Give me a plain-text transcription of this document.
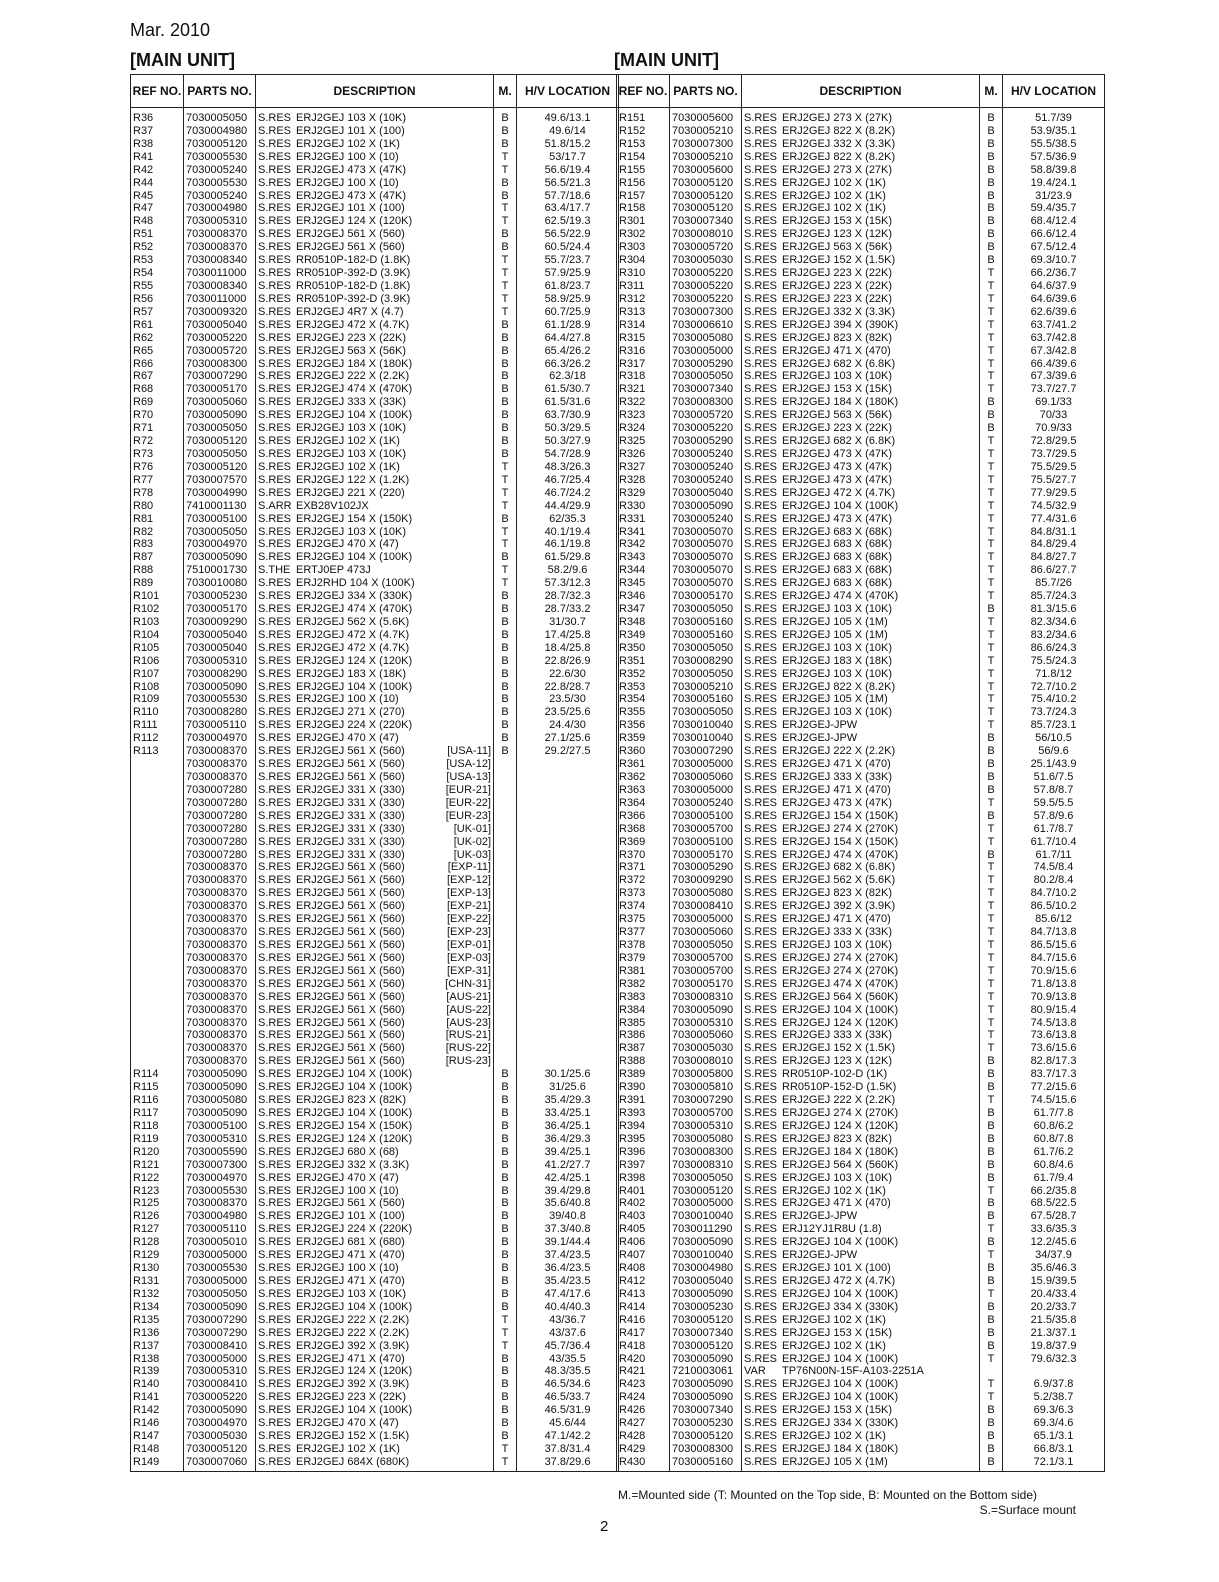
Mar. 2010
[MAIN UNIT]	[MAIN UNIT]
REF NO.	PARTS NO.	DESCRIPTION	M.	H/V LOCATION
R36	7030005050	S.RES ERJ2GEJ 103 X (10K)	B	49.6/13.1
R37	7030004980	S.RES ERJ2GEJ 101 X (100)	B	49.6/14
R38	7030005120	S.RES ERJ2GEJ 102 X (1K)	B	51.8/15.2
R41	7030005530	S.RES ERJ2GEJ 100 X (10)	T	53/17.7
R42	7030005240	S.RES ERJ2GEJ 473 X (47K)	T	56.6/19.4
R44	7030005530	S.RES ERJ2GEJ 100 X (10)	B	56.5/21.3
R45	7030005240	S.RES ERJ2GEJ 473 X (47K)	B	57.7/18.6
R47	7030004980	S.RES ERJ2GEJ 101 X (100)	T	63.4/17.7
R48	7030005310	S.RES ERJ2GEJ 124 X (120K)	T	62.5/19.3
R51	7030008370	S.RES ERJ2GEJ 561 X (560)	B	56.5/22.9
R52	7030008370	S.RES ERJ2GEJ 561 X (560)	B	60.5/24.4
R53	7030008340	S.RES RR0510P-182-D (1.8K)	T	55.7/23.7
R54	7030011000	S.RES RR0510P-392-D (3.9K)	T	57.9/25.9
R55	7030008340	S.RES RR0510P-182-D (1.8K)	T	61.8/23.7
R56	7030011000	S.RES RR0510P-392-D (3.9K)	T	58.9/25.9
R57	7030009320	S.RES ERJ2GEJ 4R7 X (4.7)	T	60.7/25.9
R61	7030005040	S.RES ERJ2GEJ 472 X (4.7K)	B	61.1/28.9
R62	7030005220	S.RES ERJ2GEJ 223 X (22K)	B	64.4/27.8
R65	7030005720	S.RES ERJ2GEJ 563 X (56K)	B	65.4/26.2
R66	7030008300	S.RES ERJ2GEJ 184 X (180K)	B	66.3/26.2
R67	7030007290	S.RES ERJ2GEJ 222 X (2.2K)	B	62.3/18
R68	7030005170	S.RES ERJ2GEJ 474 X (470K)	B	61.5/30.7
R69	7030005060	S.RES ERJ2GEJ 333 X (33K)	B	61.5/31.6
R70	7030005090	S.RES ERJ2GEJ 104 X (100K)	B	63.7/30.9
R71	7030005050	S.RES ERJ2GEJ 103 X (10K)	B	50.3/29.5
R72	7030005120	S.RES ERJ2GEJ 102 X (1K)	B	50.3/27.9
R73	7030005050	S.RES ERJ2GEJ 103 X (10K)	B	54.7/28.9
R76	7030005120	S.RES ERJ2GEJ 102 X (1K)	T	48.3/26.3
R77	7030007570	S.RES ERJ2GEJ 122 X (1.2K)	T	46.7/25.4
R78	7030004990	S.RES ERJ2GEJ 221 X (220)	T	46.7/24.2
R80	7410001130	S.ARR EXB28V102JX	T	44.4/29.9
R81	7030005100	S.RES ERJ2GEJ 154 X (150K)	B	62/35.3
R82	7030005050	S.RES ERJ2GEJ 103 X (10K)	T	40.1/19.4
R83	7030004970	S.RES ERJ2GEJ 470 X (47)	T	46.1/19.8
R87	7030005090	S.RES ERJ2GEJ 104 X (100K)	B	61.5/29.8
R88	7510001730	S.THE ERTJ0EP 473J	T	58.2/9.6
R89	7030010080	S.RES ERJ2RHD 104 X (100K)	T	57.3/12.3
R101	7030005230	S.RES ERJ2GEJ 334 X (330K)	B	28.7/32.3
R102	7030005170	S.RES ERJ2GEJ 474 X (470K)	B	28.7/33.2
R103	7030009290	S.RES ERJ2GEJ 562 X (5.6K)	B	31/30.7
R104	7030005040	S.RES ERJ2GEJ 472 X (4.7K)	B	17.4/25.8
R105	7030005040	S.RES ERJ2GEJ 472 X (4.7K)	B	18.4/25.8
R106	7030005310	S.RES ERJ2GEJ 124 X (120K)	B	22.8/26.9
R107	7030008290	S.RES ERJ2GEJ 183 X (18K)	B	22.6/30
R108	7030005090	S.RES ERJ2GEJ 104 X (100K)	B	22.8/28.7
R109	7030005530	S.RES ERJ2GEJ 100 X (10)	B	23.5/30
R110	7030008280	S.RES ERJ2GEJ 271 X (270)	B	23.5/25.6
R111	7030005110	S.RES ERJ2GEJ 224 X (220K)	B	24.4/30
R112	7030004970	S.RES ERJ2GEJ 470 X (47)	B	27.1/25.6
R113	7030008370	S.RES ERJ2GEJ 561 X (560) [USA-11]	B	29.2/27.5
	7030008370	S.RES ERJ2GEJ 561 X (560) [USA-12]		

	7030008370	S.RES ERJ2GEJ 561 X (560) [USA-13]		

	7030007280	S.RES ERJ2GEJ 331 X (330) [EUR-21]		

	7030007280	S.RES ERJ2GEJ 331 X (330) [EUR-22]		

	7030007280	S.RES ERJ2GEJ 331 X (330) [EUR-23]		

	7030007280	S.RES ERJ2GEJ 331 X (330) [UK-01]		

	7030007280	S.RES ERJ2GEJ 331 X (330) [UK-02]		

	7030007280	S.RES ERJ2GEJ 331 X (330) [UK-03]		

	7030008370	S.RES ERJ2GEJ 561 X (560) [EXP-11]		

	7030008370	S.RES ERJ2GEJ 561 X (560) [EXP-12]		

	7030008370	S.RES ERJ2GEJ 561 X (560) [EXP-13]		

	7030008370	S.RES ERJ2GEJ 561 X (560) [EXP-21]		

	7030008370	S.RES ERJ2GEJ 561 X (560) [EXP-22]		

	7030008370	S.RES ERJ2GEJ 561 X (560) [EXP-23]		

	7030008370	S.RES ERJ2GEJ 561 X (560) [EXP-01]		

	7030008370	S.RES ERJ2GEJ 561 X (560) [EXP-03]		

	7030008370	S.RES ERJ2GEJ 561 X (560) [EXP-31]		

	7030008370	S.RES ERJ2GEJ 561 X (560) [CHN-31]		

	7030008370	S.RES ERJ2GEJ 561 X (560) [AUS-21]		

	7030008370	S.RES ERJ2GEJ 561 X (560) [AUS-22]		

	7030008370	S.RES ERJ2GEJ 561 X (560) [AUS-23]		

	7030008370	S.RES ERJ2GEJ 561 X (560) [RUS-21]		

	7030008370	S.RES ERJ2GEJ 561 X (560) [RUS-22]		

	7030008370	S.RES ERJ2GEJ 561 X (560) [RUS-23]		

R114	7030005090	S.RES ERJ2GEJ 104 X (100K)	B	30.1/25.6
R115	7030005090	S.RES ERJ2GEJ 104 X (100K)	B	31/25.6
R116	7030005080	S.RES ERJ2GEJ 823 X (82K)	B	35.4/29.3
R117	7030005090	S.RES ERJ2GEJ 104 X (100K)	B	33.4/25.1
R118	7030005100	S.RES ERJ2GEJ 154 X (150K)	B	36.4/25.1
R119	7030005310	S.RES ERJ2GEJ 124 X (120K)	B	36.4/29.3
R120	7030005590	S.RES ERJ2GEJ 680 X (68)	B	39.4/25.1
R121	7030007300	S.RES ERJ2GEJ 332 X (3.3K)	B	41.2/27.7
R122	7030004970	S.RES ERJ2GEJ 470 X (47)	B	42.4/25.1
R123	7030005530	S.RES ERJ2GEJ 100 X (10)	B	39.4/29.8
R125	7030008370	S.RES ERJ2GEJ 561 X (560)	B	35.6/40.8
R126	7030004980	S.RES ERJ2GEJ 101 X (100)	B	39/40.8
R127	7030005110	S.RES ERJ2GEJ 224 X (220K)	B	37.3/40.8
R128	7030005010	S.RES ERJ2GEJ 681 X (680)	B	39.1/44.4
R129	7030005000	S.RES ERJ2GEJ 471 X (470)	B	37.4/23.5
R130	7030005530	S.RES ERJ2GEJ 100 X (10)	B	36.4/23.5
R131	7030005000	S.RES ERJ2GEJ 471 X (470)	B	35.4/23.5
R132	7030005050	S.RES ERJ2GEJ 103 X (10K)	B	47.4/17.6
R134	7030005090	S.RES ERJ2GEJ 104 X (100K)	B	40.4/40.3
R135	7030007290	S.RES ERJ2GEJ 222 X (2.2K)	T	43/36.7
R136	7030007290	S.RES ERJ2GEJ 222 X (2.2K)	T	43/37.6
R137	7030008410	S.RES ERJ2GEJ 392 X (3.9K)	T	45.7/36.4
R138	7030005000	S.RES ERJ2GEJ 471 X (470)	B	43/35.5
R139	7030005310	S.RES ERJ2GEJ 124 X (120K)	B	48.3/35.5
R140	7030008410	S.RES ERJ2GEJ 392 X (3.9K)	B	46.5/34.6
R141	7030005220	S.RES ERJ2GEJ 223 X (22K)	B	46.5/33.7
R142	7030005090	S.RES ERJ2GEJ 104 X (100K)	B	46.5/31.9
R146	7030004970	S.RES ERJ2GEJ 470 X (47)	B	45.6/44
R147	7030005030	S.RES ERJ2GEJ 152 X (1.5K)	B	47.1/42.2
R148	7030005120	S.RES ERJ2GEJ 102 X (1K)	T	37.8/31.4
R149	7030007060	S.RES ERJ2GEJ 684X (680K)	T	37.8/29.6
REF NO.	PARTS NO.	DESCRIPTION	M.	H/V LOCATION
R151	7030005600	S.RES ERJ2GEJ 273 X (27K)	B	51.7/39
R152	7030005210	S.RES ERJ2GEJ 822 X (8.2K)	B	53.9/35.1
R153	7030007300	S.RES ERJ2GEJ 332 X (3.3K)	B	55.5/38.5
R154	7030005210	S.RES ERJ2GEJ 822 X (8.2K)	B	57.5/36.9
R155	7030005600	S.RES ERJ2GEJ 273 X (27K)	B	58.8/39.8
R156	7030005120	S.RES ERJ2GEJ 102 X (1K)	B	19.4/24.1
R157	7030005120	S.RES ERJ2GEJ 102 X (1K)	B	31/23.9
R158	7030005120	S.RES ERJ2GEJ 102 X (1K)	B	59.4/35.7
R301	7030007340	S.RES ERJ2GEJ 153 X (15K)	B	68.4/12.4
R302	7030008010	S.RES ERJ2GEJ 123 X (12K)	B	66.6/12.4
R303	7030005720	S.RES ERJ2GEJ 563 X (56K)	B	67.5/12.4
R304	7030005030	S.RES ERJ2GEJ 152 X (1.5K)	B	69.3/10.7
R310	7030005220	S.RES ERJ2GEJ 223 X (22K)	T	66.2/36.7
R311	7030005220	S.RES ERJ2GEJ 223 X (22K)	T	64.6/37.9
R312	7030005220	S.RES ERJ2GEJ 223 X (22K)	T	64.6/39.6
R313	7030007300	S.RES ERJ2GEJ 332 X (3.3K)	T	62.6/39.6
R314	7030006610	S.RES ERJ2GEJ 394 X (390K)	T	63.7/41.2
R315	7030005080	S.RES ERJ2GEJ 823 X (82K)	T	63.7/42.8
R316	7030005000	S.RES ERJ2GEJ 471 X (470)	T	67.3/42.8
R317	7030005290	S.RES ERJ2GEJ 682 X (6.8K)	T	66.4/39.6
R318	7030005050	S.RES ERJ2GEJ 103 X (10K)	T	67.3/39.6
R321	7030007340	S.RES ERJ2GEJ 153 X (15K)	T	73.7/27.7
R322	7030008300	S.RES ERJ2GEJ 184 X (180K)	B	69.1/33
R323	7030005720	S.RES ERJ2GEJ 563 X (56K)	B	70/33
R324	7030005220	S.RES ERJ2GEJ 223 X (22K)	B	70.9/33
R325	7030005290	S.RES ERJ2GEJ 682 X (6.8K)	T	72.8/29.5
R326	7030005240	S.RES ERJ2GEJ 473 X (47K)	T	73.7/29.5
R327	7030005240	S.RES ERJ2GEJ 473 X (47K)	T	75.5/29.5
R328	7030005240	S.RES ERJ2GEJ 473 X (47K)	T	75.5/27.7
R329	7030005040	S.RES ERJ2GEJ 472 X (4.7K)	T	77.9/29.5
R330	7030005090	S.RES ERJ2GEJ 104 X (100K)	T	74.5/32.9
R331	7030005240	S.RES ERJ2GEJ 473 X (47K)	T	77.4/31.6
R341	7030005070	S.RES ERJ2GEJ 683 X (68K)	T	84.8/31.1
R342	7030005070	S.RES ERJ2GEJ 683 X (68K)	T	84.8/29.4
R343	7030005070	S.RES ERJ2GEJ 683 X (68K)	T	84.8/27.7
R344	7030005070	S.RES ERJ2GEJ 683 X (68K)	T	86.6/27.7
R345	7030005070	S.RES ERJ2GEJ 683 X (68K)	T	85.7/26
R346	7030005170	S.RES ERJ2GEJ 474 X (470K)	T	85.7/24.3
R347	7030005050	S.RES ERJ2GEJ 103 X (10K)	B	81.3/15.6
R348	7030005160	S.RES ERJ2GEJ 105 X (1M)	T	82.3/34.6
R349	7030005160	S.RES ERJ2GEJ 105 X (1M)	T	83.2/34.6
R350	7030005050	S.RES ERJ2GEJ 103 X (10K)	T	86.6/24.3
R351	7030008290	S.RES ERJ2GEJ 183 X (18K)	T	75.5/24.3
R352	7030005050	S.RES ERJ2GEJ 103 X (10K)	T	71.8/12
R353	7030005210	S.RES ERJ2GEJ 822 X (8.2K)	T	72.7/10.2
R354	7030005160	S.RES ERJ2GEJ 105 X (1M)	T	75.4/10.2
R355	7030005050	S.RES ERJ2GEJ 103 X (10K)	T	73.7/24.3
R356	7030010040	S.RES ERJ2GEJ-JPW	T	85.7/23.1
R359	7030010040	S.RES ERJ2GEJ-JPW	B	56/10.5
R360	7030007290	S.RES ERJ2GEJ 222 X (2.2K)	B	56/9.6
R361	7030005000	S.RES ERJ2GEJ 471 X (470)	B	25.1/43.9
R362	7030005060	S.RES ERJ2GEJ 333 X (33K)	B	51.6/7.5
R363	7030005000	S.RES ERJ2GEJ 471 X (470)	B	57.8/8.7
R364	7030005240	S.RES ERJ2GEJ 473 X (47K)	T	59.5/5.5
R366	7030005100	S.RES ERJ2GEJ 154 X (150K)	B	57.8/9.6
R368	7030005700	S.RES ERJ2GEJ 274 X (270K)	T	61.7/8.7
R369	7030005100	S.RES ERJ2GEJ 154 X (150K)	T	61.7/10.4
R370	7030005170	S.RES ERJ2GEJ 474 X (470K)	B	61.7/11
R371	7030005290	S.RES ERJ2GEJ 682 X (6.8K)	T	74.5/8.4
R372	7030009290	S.RES ERJ2GEJ 562 X (5.6K)	T	80.2/8.4
R373	7030005080	S.RES ERJ2GEJ 823 X (82K)	T	84.7/10.2
R374	7030008410	S.RES ERJ2GEJ 392 X (3.9K)	T	86.5/10.2
R375	7030005000	S.RES ERJ2GEJ 471 X (470)	T	85.6/12
R377	7030005060	S.RES ERJ2GEJ 333 X (33K)	T	84.7/13.8
R378	7030005050	S.RES ERJ2GEJ 103 X (10K)	T	86.5/15.6
R379	7030005700	S.RES ERJ2GEJ 274 X (270K)	T	84.7/15.6
R381	7030005700	S.RES ERJ2GEJ 274 X (270K)	T	70.9/15.6
R382	7030005170	S.RES ERJ2GEJ 474 X (470K)	T	71.8/13.8
R383	7030008310	S.RES ERJ2GEJ 564 X (560K)	T	70.9/13.8
R384	7030005090	S.RES ERJ2GEJ 104 X (100K)	T	80.9/15.4
R385	7030005310	S.RES ERJ2GEJ 124 X (120K)	T	74.5/13.8
R386	7030005060	S.RES ERJ2GEJ 333 X (33K)	T	73.6/13.8
R387	7030005030	S.RES ERJ2GEJ 152 X (1.5K)	T	73.6/15.6
R388	7030008010	S.RES ERJ2GEJ 123 X (12K)	B	82.8/17.3
R389	7030005800	S.RES RR0510P-102-D (1K)	B	83.7/17.3
R390	7030005810	S.RES RR0510P-152-D (1.5K)	B	77.2/15.6
R391	7030007290	S.RES ERJ2GEJ 222 X (2.2K)	T	74.5/15.6
R393	7030005700	S.RES ERJ2GEJ 274 X (270K)	B	61.7/7.8
R394	7030005310	S.RES ERJ2GEJ 124 X (120K)	B	60.8/6.2
R395	7030005080	S.RES ERJ2GEJ 823 X (82K)	B	60.8/7.8
R396	7030008300	S.RES ERJ2GEJ 184 X (180K)	B	61.7/6.2
R397	7030008310	S.RES ERJ2GEJ 564 X (560K)	B	60.8/4.6
R398	7030005050	S.RES ERJ2GEJ 103 X (10K)	B	61.7/9.4
R401	7030005120	S.RES ERJ2GEJ 102 X (1K)	T	66.2/35.8
R402	7030005000	S.RES ERJ2GEJ 471 X (470)	B	68.5/22.5
R403	7030010040	S.RES ERJ2GEJ-JPW	B	67.5/28.7
R405	7030011290	S.RES ERJ12YJ1R8U (1.8)	T	33.6/35.3
R406	7030005090	S.RES ERJ2GEJ 104 X (100K)	B	12.2/45.6
R407	7030010040	S.RES ERJ2GEJ-JPW	T	34/37.9
R408	7030004980	S.RES ERJ2GEJ 101 X (100)	B	35.6/46.3
R412	7030005040	S.RES ERJ2GEJ 472 X (4.7K)	B	15.9/39.5
R413	7030005090	S.RES ERJ2GEJ 104 X (100K)	T	20.4/33.4
R414	7030005230	S.RES ERJ2GEJ 334 X (330K)	B	20.2/33.7
R416	7030005120	S.RES ERJ2GEJ 102 X (1K)	B	21.5/35.8
R417	7030007340	S.RES ERJ2GEJ 153 X (15K)	B	21.3/37.1
R418	7030005120	S.RES ERJ2GEJ 102 X (1K)	B	19.8/37.9
R420	7030005090	S.RES ERJ2GEJ 104 X (100K)	T	79.6/32.3
R421	7210003061	VAR TP76N00N-15F-A103-2251A

R423	7030005090	S.RES ERJ2GEJ 104 X (100K)	T	6.9/37.8
R424	7030005090	S.RES ERJ2GEJ 104 X (100K)	T	5.2/38.7
R426	7030007340	S.RES ERJ2GEJ 153 X (15K)	B	69.3/6.3
R427	7030005230	S.RES ERJ2GEJ 334 X (330K)	B	69.3/4.6
R428	7030005120	S.RES ERJ2GEJ 102 X (1K)	B	65.1/3.1
R429	7030008300	S.RES ERJ2GEJ 184 X (180K)	B	66.8/3.1
R430	7030005160	S.RES ERJ2GEJ 105 X (1M)	B	72.1/3.1
M.=Mounted side (T: Mounted on the Top side, B: Mounted on the Bottom side)
S.=Surface mount
2
